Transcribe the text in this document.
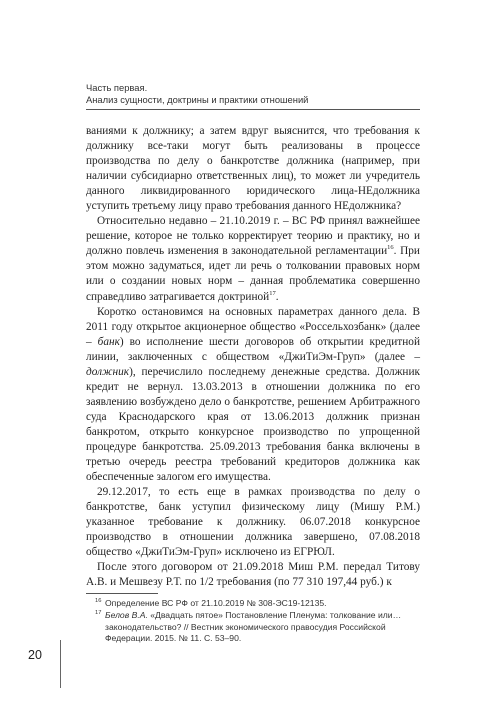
Часть первая.
Анализ сущности, доктрины и практики отношений

ваниями к должнику; а затем вдруг выяснится, что требования к должнику все-таки могут быть реализованы в процессе производства по делу о банкротстве должника (например, при наличии субсидиарно ответственных лиц), то может ли учредитель данного ликвидированного юридического лица-НЕдолжника уступить третьему лицу право требования данного НЕдолжника?

Относительно недавно – 21.10.2019 г. – ВС РФ принял важнейшее решение, которое не только корректирует теорию и практику, но и должно повлечь изменения в законодательной регламентации$^{16}$. При этом можно задуматься, идет ли речь о толковании правовых норм или о создании новых норм – данная проблематика совершенно справедливо затрагивается доктриной$^{17}$.

Коротко остановимся на основных параметрах данного дела. В 2011 году открытое акционерное общество «Россельхозбанк» (далее – банк) во исполнение шести договоров об открытии кредитной линии, заключенных с обществом «ДжиТиЭм-Груп» (далее – должник), перечислило последнему денежные средства. Должник кредит не вернул. 13.03.2013 в отношении должника по его заявлению возбуждено дело о банкротстве, решением Арбитражного суда Краснодарского края от 13.06.2013 должник признан банкротом, открыто конкурсное производство по упрощенной процедуре банкротства. 25.09.2013 требования банка включены в третью очередь реестра требований кредиторов должника как обеспеченные залогом его имущества.

29.12.2017, то есть еще в рамках производства по делу о банкротстве, банк уступил физическому лицу (Мишу Р.М.) указанное требование к должнику. 06.07.2018 конкурсное производство в отношении должника завершено, 07.08.2018 общество «ДжиТиЭм-Груп» исключено из ЕГРЮЛ.

После этого договором от 21.09.2018 Миш Р.М. передал Титову А.В. и Мешвезу Р.Т. по 1/2 требования (по 77 310 197,44 руб.) к

16 Определение ВС РФ от 21.10.2019 № 308-ЭС19-12135.
17 Белов В.А. «Двадцать пятое» Постановление Пленума: толкование или… законодательство? // Вестник экономического правосудия Российской Федерации. 2015. № 11. С. 53–90.
20
